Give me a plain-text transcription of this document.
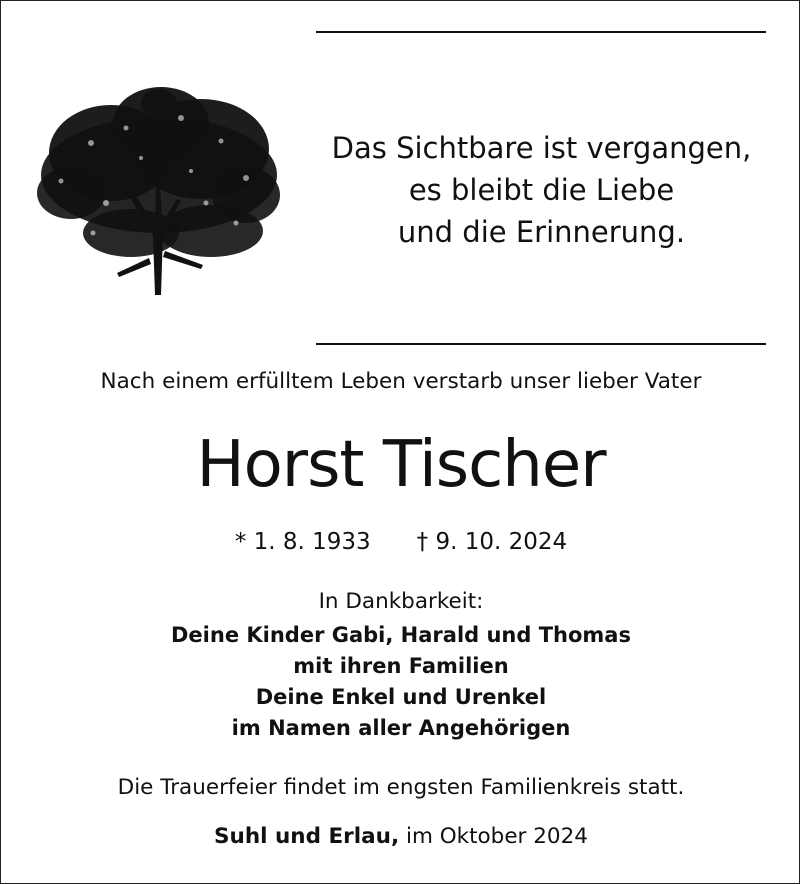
Das Sichtbare ist vergangen,
es bleibt die Liebe
und die Erinnerung.
Nach einem erfülltem Leben verstarb unser lieber Vater
Horst Tischer
* 1. 8. 1933 † 9. 10. 2024
In Dankbarkeit:
Deine Kinder Gabi, Harald und Thomas
mit ihren Familien
Deine Enkel und Urenkel
im Namen aller Angehörigen
Die Trauerfeier findet im engsten Familienkreis statt.
Suhl und Erlau, im Oktober 2024
